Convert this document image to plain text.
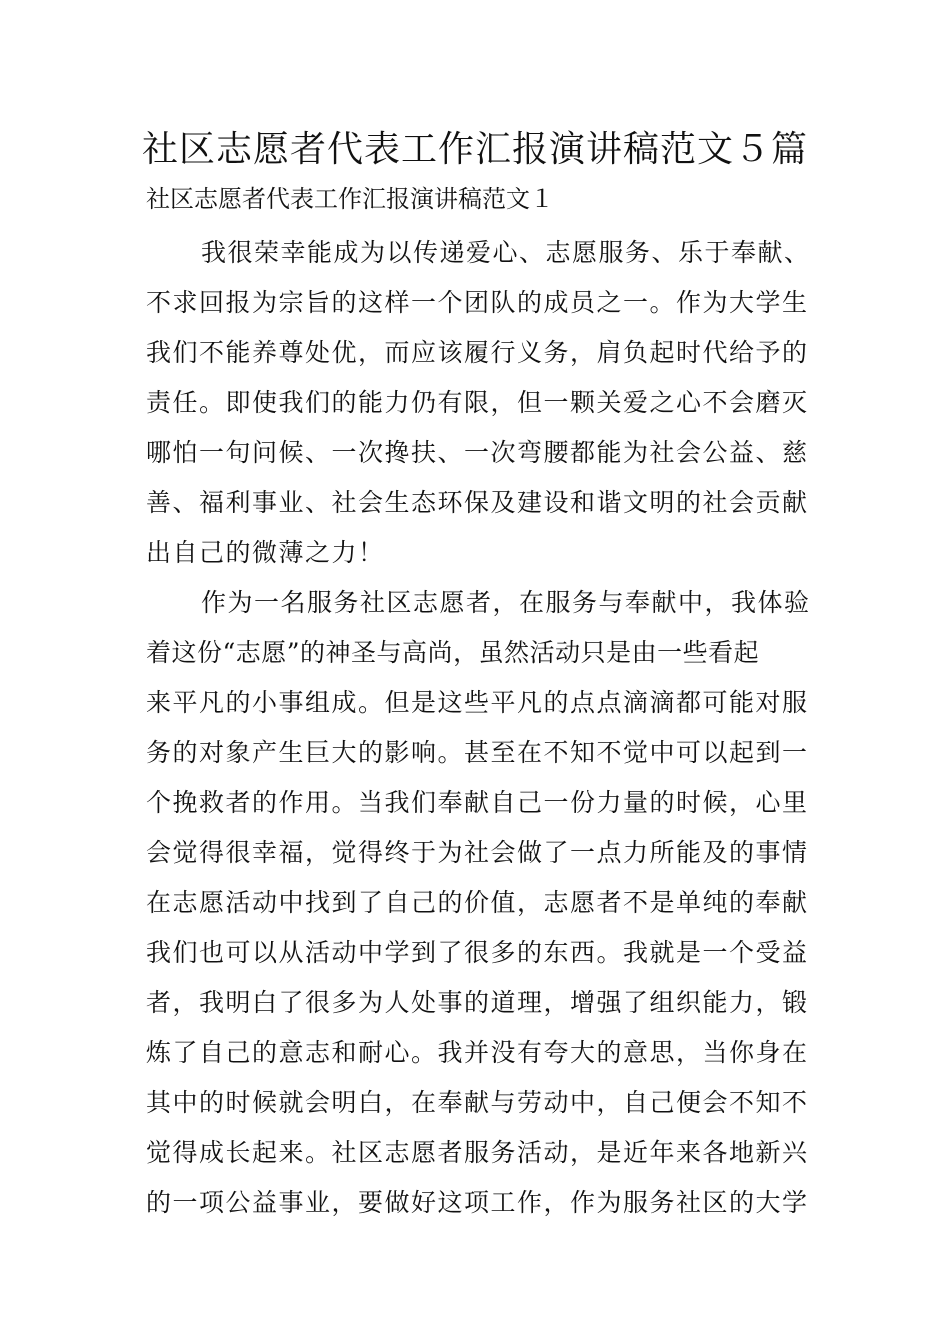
社区志愿者代表工作汇报演讲稿范文５篇

社区志愿者代表工作汇报演讲稿范文１

我很荣幸能成为以传递爱心、志愿服务、乐于奉献、
不求回报为宗旨的这样一个团队的成员之一。作为大学生
我们不能养尊处优，而应该履行义务，肩负起时代给予的
责任。即使我们的能力仍有限，但一颗关爱之心不会磨灭
哪怕一句问候、一次搀扶、一次弯腰都能为社会公益、慈
善、福利事业、社会生态环保及建设和谐文明的社会贡献
出自己的微薄之力！
作为一名服务社区志愿者，在服务与奉献中，我体验
着这份“志愿”的神圣与高尚，虽然活动只是由一些看起
来平凡的小事组成。但是这些平凡的点点滴滴都可能对服
务的对象产生巨大的影响。甚至在不知不觉中可以起到一
个挽救者的作用。当我们奉献自己一份力量的时候，心里
会觉得很幸福，觉得终于为社会做了一点力所能及的事情
在志愿活动中找到了自己的价值，志愿者不是单纯的奉献
我们也可以从活动中学到了很多的东西。我就是一个受益
者，我明白了很多为人处事的道理，增强了组织能力，锻
炼了自己的意志和耐心。我并没有夸大的意思，当你身在
其中的时候就会明白，在奉献与劳动中，自己便会不知不
觉得成长起来。社区志愿者服务活动，是近年来各地新兴
的一项公益事业，要做好这项工作，作为服务社区的大学
